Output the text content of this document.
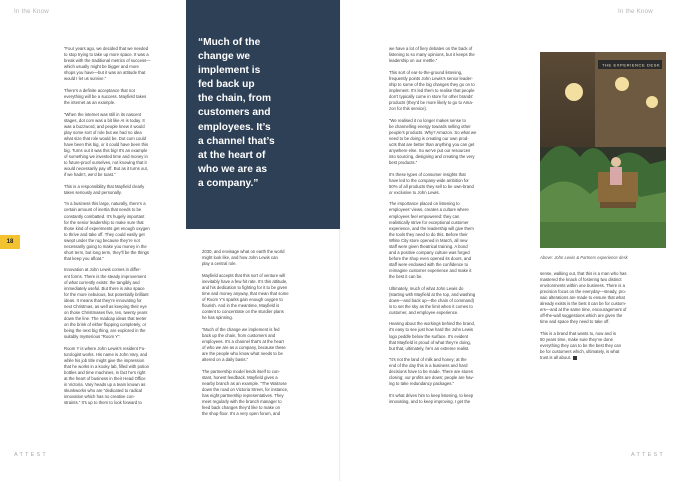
In the Know	In the Know
18

“Four years ago, we decided that we needed
to stop trying to take up more space. It was a
break with the traditional metrics of success—
which usually might be bigger and more
shops you have—but it was an attitude that
would I let us survive.”

There’s a definite acceptance that not
everything will be a success. Mayfield takes
the internet as an example.

“When the internet was still in its nascent
stages, dot com was a bit like AI is today. It
was a buzzword, and people knew it would
play some sort of role but we had no idea
what size that role would be. Dot com could
have been this big, or it could have been this
big. Turns out it was this big! It’s an example
of something we invested time and money in
to future-proof ourselves, not knowing that it
would necessarily pay off. But as it turns out,
if we hadn’t, we’d be toast.”

This is a responsibility that Mayfield clearly
takes seriously and personally.

“In a business this large, naturally, there’s a
certain amount of inertia that needs to be
constantly combatted. It’s hugely important
for the senior leadership to make sure that
those kind of experiments get enough oxygen
to thrive and take off. They could easily get
swept under the rug because they’re not
necessarily going to make you money in the
short term, but long term, they’ll be the things
that keep you afloat.”

Innovation at John Lewis comes in differ-
ent forms. There is the steady improvement
of what currently exists: the tangibly and
immediately useful. But there is also space
for the more nebulous, but potentially brilliant
ideas. It means that they’re innovating for
next Christmas, as well as keeping their eye
on those Christmases five, ten, twenty years
down the line. The madcap ideas that teeter
on the brink of either flopping completely, or
being the next big thing, are explored in the
suitably mysterious “Room Y”.

Room Y is where John Lewis’s resident Fu-
turologist works. His name is John Vary, and
while his job title might give the impression
that he works in a kooky lab, filled with potion
bottles and time machines, in fact he’s right
at the heart of business in their Head Office
in Victoria. Vary heads up a team known as
skunkworks who are “dedicated to radical
innovation which has no creative con-
straints.” It’s up to them to look forward to

“Much of the
change we
implement is
fed back up
the chain, from
customers and
employees. It’s
a channel that’s
at the heart of
who we are as
a company.”

2030, and envisage what on earth the world
might look like, and how John Lewis can
play a central role.

Mayfield accepts that this sort of venture will
inevitably have a few hit rate. It’s this attitude,
and his dedication to fighting for it to be given
time and money anyway, that mean that some
of Room Y’s sparks gain enough oxygen to
flourish. And in the meantime, Mayfield is
content to concentrate on the sturdier plans
he has spinning.

“Much of the change we implement is fed
back up the chain, from customers and
employees. It’s a channel that’s at the heart
of who we are as a company, because these
are the people who know what needs to be
altered on a daily basis.”

The partnership model lends itself to con-
stant, honest feedback. Mayfield gives a
nearby branch as an example. “The Waitrose
down the road on Victoria Street, for instance,
has eight partnership representatives. They
meet regularly with the branch manager to
feed back changes they’d like to make on
the shop floor. It’s a very open forum, and

we have a lot of fiery debates on the back of
listening to so many opinions, but it keeps the
leadership on our mettle.”

This sort of ear-to-the-ground listening,
frequently points John Lewis’s senior leader-
ship to some of the big changes they go on to
implement. It’s led them to realise that people
don’t typically come in store for other brands’
products (they’d be more likely to go to Ama-
zon for this service).

“We realised it no longer makes sense to
be channelling energy towards selling other
people’s products. Why? Amazon. So what we
need to be doing is creating our own prod-
ucts that are better than anything you can get
anywhere else. So we’ve put our resources
into sourcing, designing and creating the very
best products.”

It’s these types of consumer insights that
have led to the company-wide ambition for
50% of all products they sell to be own-brand
or exclusive to John Lewis.

The importance placed on listening to
employees’ views, creates a culture where
employees feel empowered: they can
realistically strive for exceptional customer
experience, and the leadership will give them
the tools they need to do this. Before their
White City store opened in March, all new
staff were given theatrical training. A bond
and a positive company culture was forged
before the shop even opened its doors, and
staff were endowed with the confidence to
reimagine customer experience and make it
the best it can be.

Ultimately, much of what John Lewis do
(starting with Mayfield at the top, and washing
down—and back up—the chain of command)
is to set the sky as the limit when it comes to
customer, and employee experience.

Hearing about the workings behind the brand,
it’s easy to see just how hard the John Lewis
logo peddle below the surface. It’s evident
that Mayfield is proud of what they’re doing,
but that, ultimately, he’s an extreme realist.

“It’s not the land of milk and honey; at the
end of the day this is a business and hard
decisions have to be made. There are stores
closing; our profits are down; people are hav-
ing to take redundancy packages.”

It’s what drives him to keep listening, to keep
innovating, and to keep improving. I get the

THE EXPERIENCE DESK
Above: John Lewis & Partners experience desk

sense, walking out, that this is a man who has
mastered the knack of fostering two distinct
environments within one business. There is a
precision focus on the everyday—steady, pro-
saic alterations are made to ensure that what
already exists is the best it can be for custom-
ers—and at the same time, encouragement of
off-the-wall suggestions which are given the
time and space they need to take off.

This is a brand that wants to, now and in
50 years time, make sure they’ve done
everything they can to be the best they can
be for customers which, ultimately, is what
trust is all about.

ATTEST	ATTEST
